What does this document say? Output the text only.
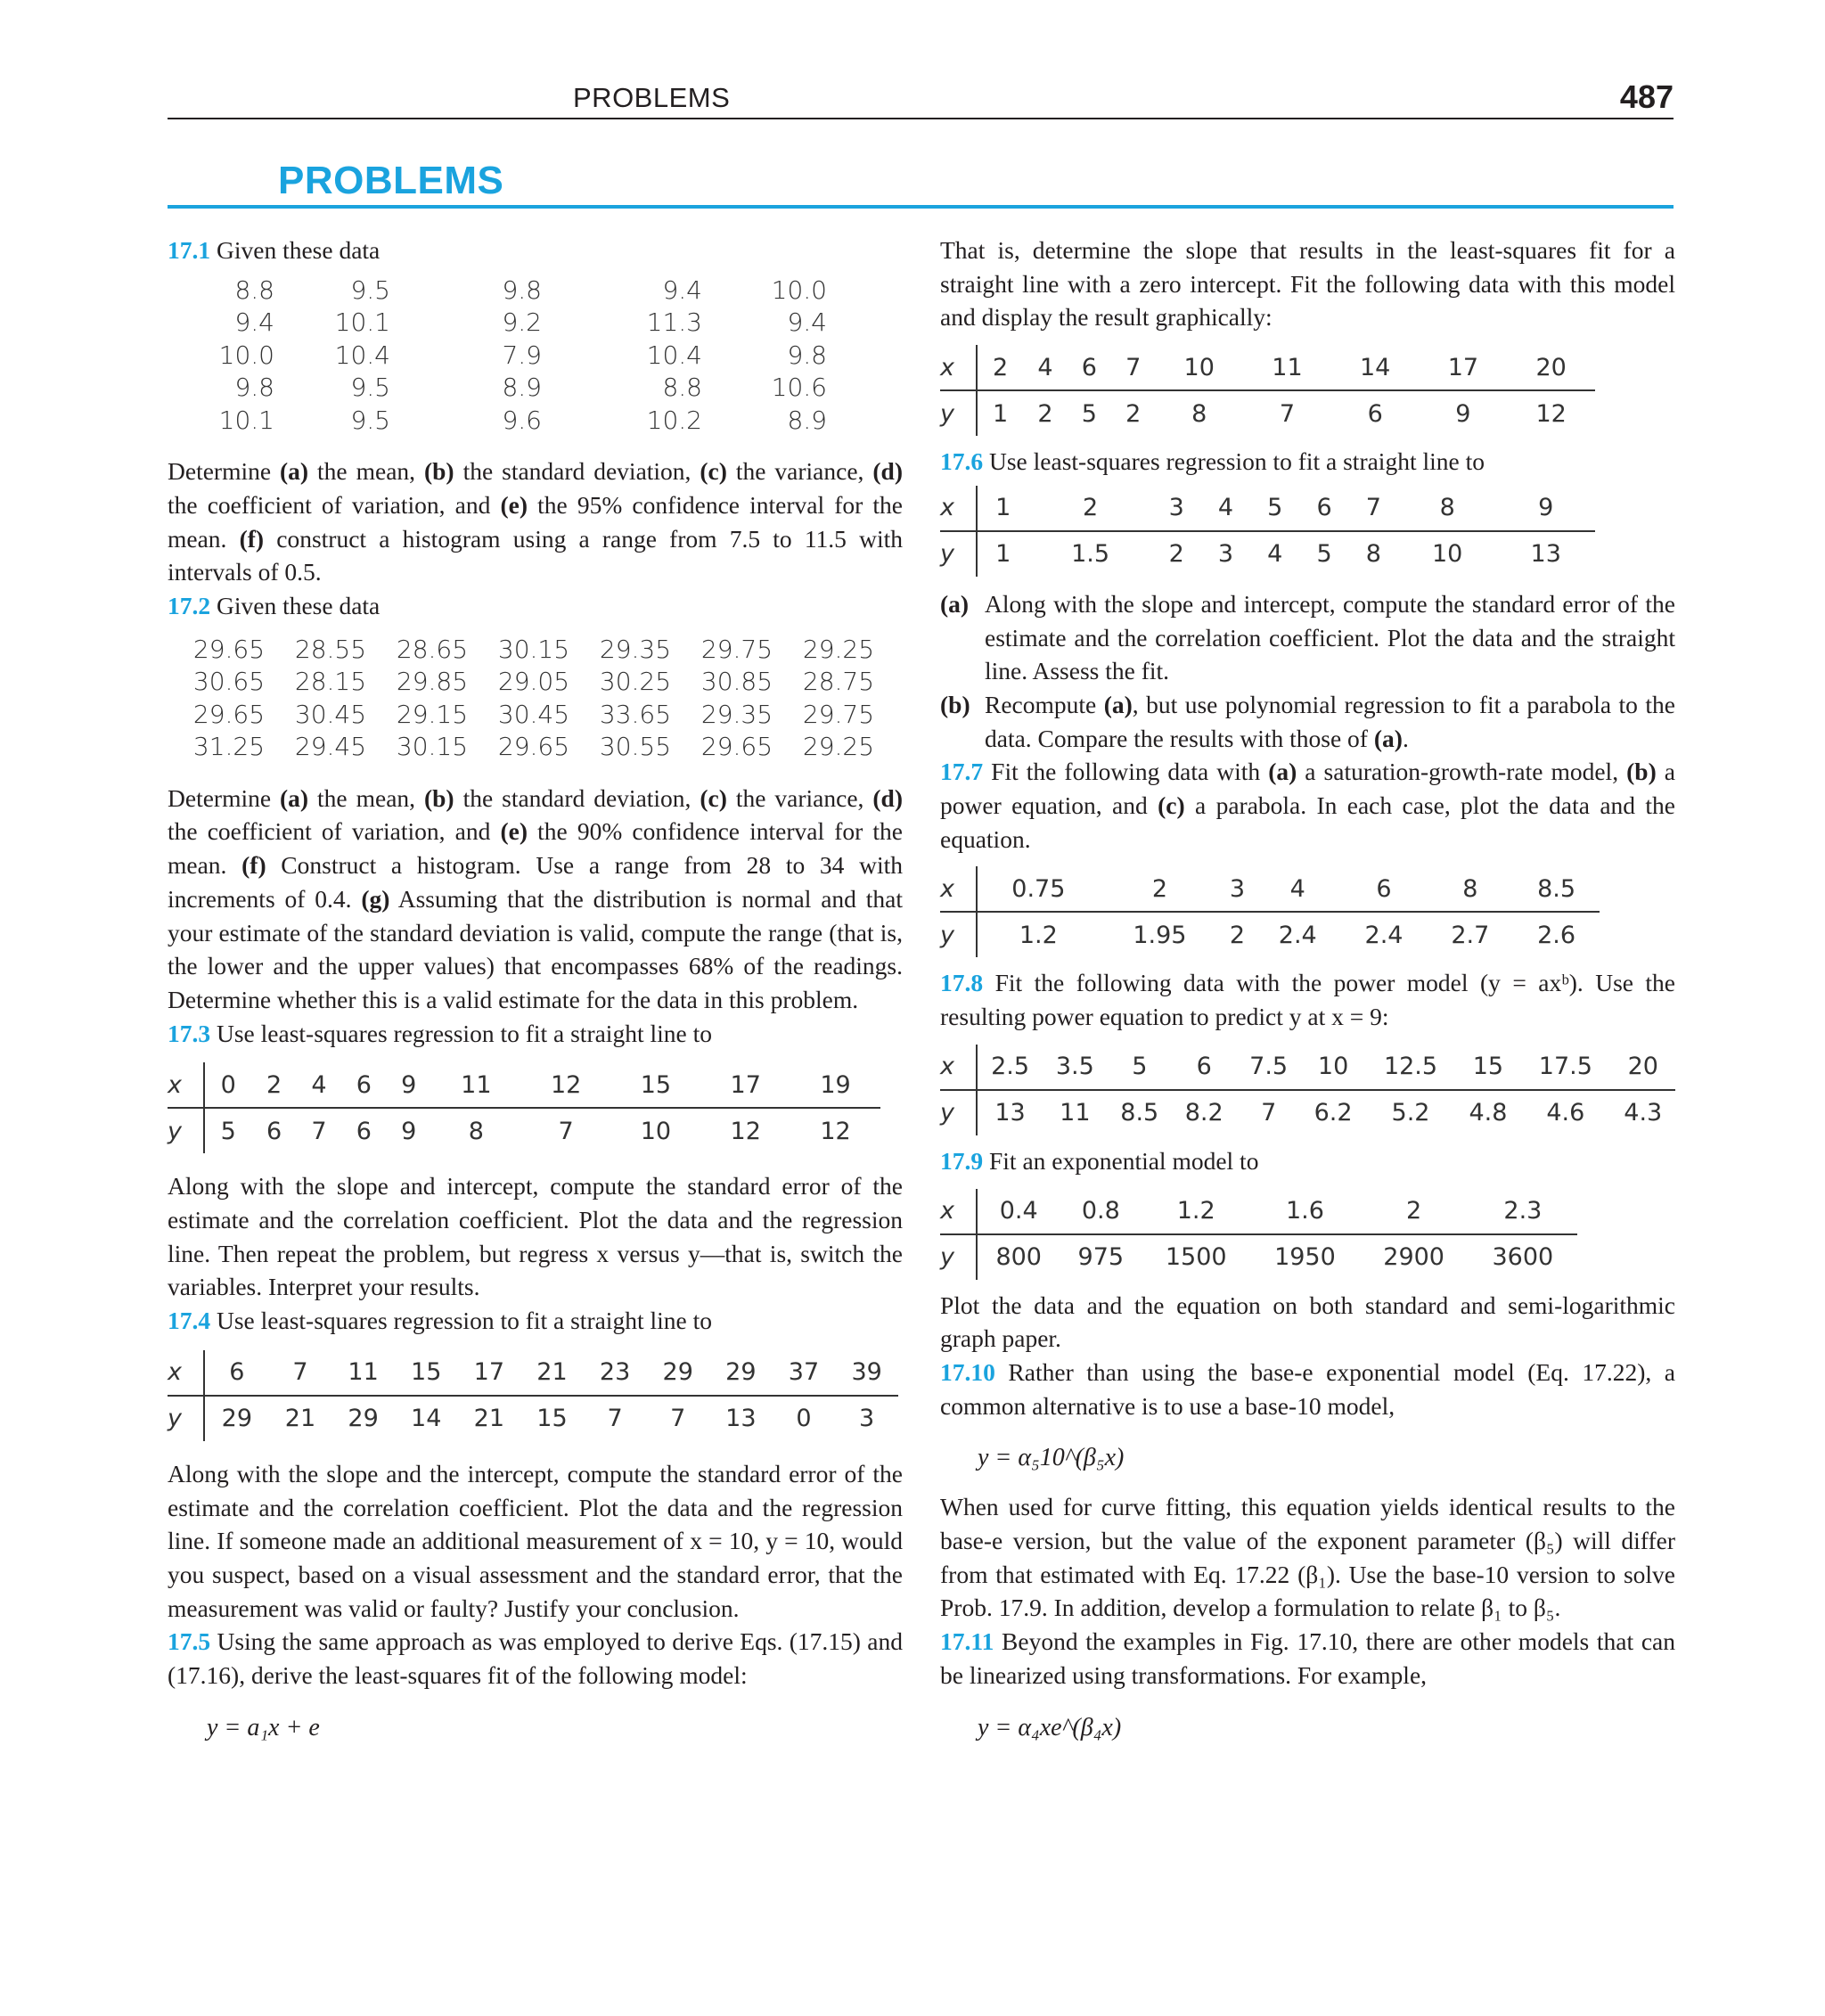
PROBLEMS	487
PROBLEMS

17.1 Given these data

8.8	9.5	9.8	9.4	10.0
9.4	10.1	9.2	11.3	9.4
10.0	10.4	7.9	10.4	9.8
9.8	9.5	8.9	8.8	10.6
10.1	9.5	9.6	10.2	8.9

Determine (a) the mean, (b) the standard deviation, (c) the variance, (d) the coefficient of variation, and (e) the 95% confidence interval for the mean. (f) construct a histogram using a range from 7.5 to 11.5 with intervals of 0.5.

17.2 Given these data

29.65	28.55	28.65	30.15	29.35	29.75	29.25
30.65	28.15	29.85	29.05	30.25	30.85	28.75
29.65	30.45	29.15	30.45	33.65	29.35	29.75
31.25	29.45	30.15	29.65	30.55	29.65	29.25

Determine (a) the mean, (b) the standard deviation, (c) the variance, (d) the coefficient of variation, and (e) the 90% confidence interval for the mean. (f) Construct a histogram. Use a range from 28 to 34 with increments of 0.4. (g) Assuming that the distribution is normal and that your estimate of the standard deviation is valid, compute the range (that is, the lower and the upper values) that encompasses 68% of the readings. Determine whether this is a valid estimate for the data in this problem.

17.3 Use least-squares regression to fit a straight line to

x	0	2	4	6	9	11	12	15	17	19
y	5	6	7	6	9	8	7	10	12	12

Along with the slope and intercept, compute the standard error of the estimate and the correlation coefficient. Plot the data and the regression line. Then repeat the problem, but regress x versus y—that is, switch the variables. Interpret your results.

17.4 Use least-squares regression to fit a straight line to

x	6	7	11	15	17	21	23	29	29	37	39
y	29	21	29	14	21	15	7	7	13	0	3

Along with the slope and the intercept, compute the standard error of the estimate and the correlation coefficient. Plot the data and the regression line. If someone made an additional measurement of x = 10, y = 10, would you suspect, based on a visual assessment and the standard error, that the measurement was valid or faulty? Justify your conclusion.

17.5 Using the same approach as was employed to derive Eqs. (17.15) and (17.16), derive the least-squares fit of the following model:

y = a₁x + e

That is, determine the slope that results in the least-squares fit for a straight line with a zero intercept. Fit the following data with this model and display the result graphically:

x	2	4	6	7	10	11	14	17	20
y	1	2	5	2	8	7	6	9	12

17.6 Use least-squares regression to fit a straight line to

x	1	2	3	4	5	6	7	8	9
y	1	1.5	2	3	4	5	8	10	13

(a) Along with the slope and intercept, compute the standard error of the estimate and the correlation coefficient. Plot the data and the straight line. Assess the fit.

(b) Recompute (a), but use polynomial regression to fit a parabola to the data. Compare the results with those of (a).

17.7 Fit the following data with (a) a saturation-growth-rate model, (b) a power equation, and (c) a parabola. In each case, plot the data and the equation.

x	0.75	2	3	4	6	8	8.5
y	1.2	1.95	2	2.4	2.4	2.7	2.6

17.8 Fit the following data with the power model (y = axᵇ). Use the resulting power equation to predict y at x = 9:

x	2.5	3.5	5	6	7.5	10	12.5	15	17.5	20
y	13	11	8.5	8.2	7	6.2	5.2	4.8	4.6	4.3

17.9 Fit an exponential model to

x	0.4	0.8	1.2	1.6	2	2.3
y	800	975	1500	1950	2900	3600

Plot the data and the equation on both standard and semi-logarithmic graph paper.

17.10 Rather than using the base-e exponential model (Eq. 17.22), a common alternative is to use a base-10 model,

y = α₅10^(β₅x)

When used for curve fitting, this equation yields identical results to the base-e version, but the value of the exponent parameter (β₅) will differ from that estimated with Eq. 17.22 (β₁). Use the base-10 version to solve Prob. 17.9. In addition, develop a formulation to relate β₁ to β₅.

17.11 Beyond the examples in Fig. 17.10, there are other models that can be linearized using transformations. For example,

y = α₄xe^(β₄x)
